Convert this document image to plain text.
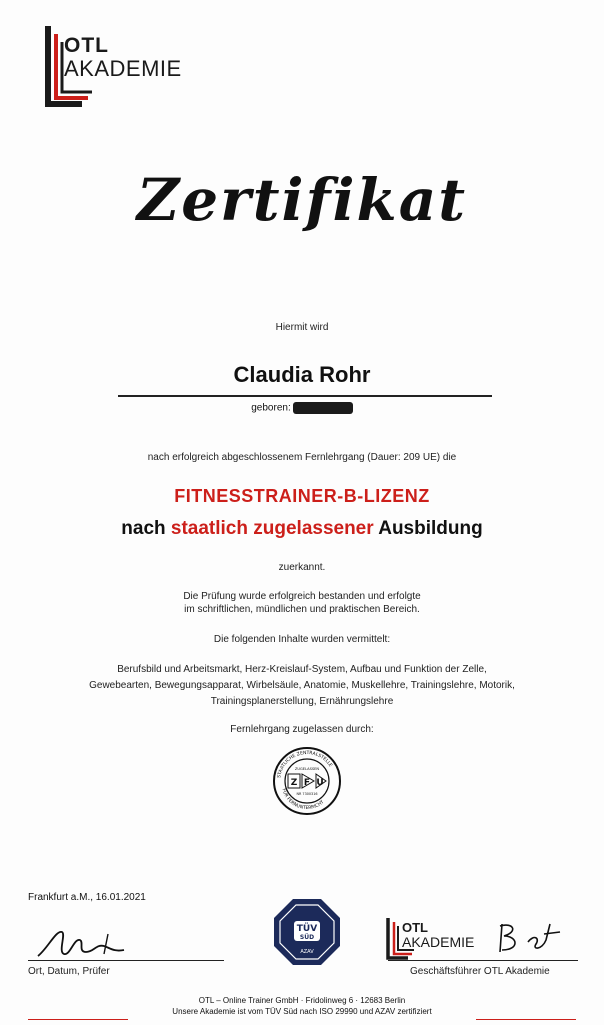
OTL
AKADEMIE
Zertifikat
Hiermit wird
Claudia Rohr
geboren:
nach erfolgreich abgeschlossenem Fernlehrgang (Dauer: 209 UE) die
FITNESSTRAINER-B-LIZENZ
nach staatlich zugelassener Ausbildung
zuerkannt.
Die Prüfung wurde erfolgreich bestanden und erfolgte
im schriftlichen, mündlichen und praktischen Bereich.
Die folgenden Inhalte wurden vermittelt:
Berufsbild und Arbeitsmarkt, Herz-Kreislauf-System, Aufbau und Funktion der Zelle,
Gewebearten, Bewegungsapparat, Wirbelsäule, Anatomie, Muskellehre, Trainingslehre, Motorik,
Trainingsplanerstellung, Ernährungslehre
Fernlehrgang zugelassen durch:
STAATLICHE ZENTRALSTELLE
FÜR FERNUNTERRICHT
ZUGELASSEN
Z F U
NR 7300316
Frankfurt a.M., 16.01.2021
Ort, Datum, Prüfer
TÜV
SÜD
AZAV
OTL
AKADEMIE
Geschäftsführer OTL Akademie
OTL – Online Trainer GmbH · Fridolinweg 6 · 12683 Berlin
Unsere Akademie ist vom TÜV Süd nach ISO 29990 und AZAV zertifiziert
